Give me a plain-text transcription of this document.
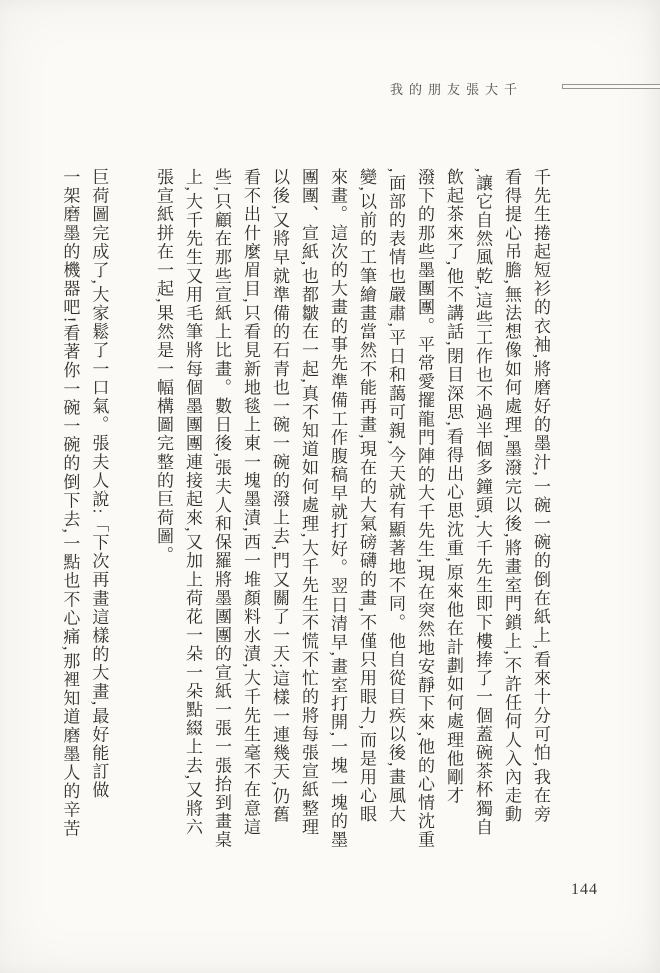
我的朋友張大千
千先生捲起短衫的衣袖,將磨好的墨汁,一碗一碗的倒在紙上,看來十分可怕,我在旁
看得提心吊膽,無法想像如何處理,墨潑完以後,將畫室門鎖上,不許任何人入內走動
,讓它自然風乾,這些工作也不過半個多鐘頭,大千先生即下樓捧了一個蓋碗茶杯獨自
飲起茶來了,他不講話,閉目深思,看得出心思沈重,原來他在計劃如何處理他剛才
潑下的那些墨團團。平常愛擺龍門陣的大千先生,現在突然地安靜下來,他的心情沈重
,面部的表情也嚴肅,平日和藹可親,今天就有顯著地不同。他自從目疾以後,畫風大
變,以前的工筆繪畫當然不能再畫,現在的大氣磅礴的畫,不僅只用眼力,而是用心眼
來畫。這次的大畫的事先準備工作腹稿早就打好。翌日清早,畫室打開,一塊一塊的墨
團團、宣紙,也都皺在一起,真不知道如何處理,大千先生不慌不忙的將每張宣紙整理
以後,又將早就準備的石青也一碗一碗的潑上去,門又關了一天;這樣一連幾天,仍舊
看不出什麼眉目,只看見新地毯上東一塊墨漬,西一堆顏料水漬,大千先生毫不在意這
些,只顧在那些宣紙上比畫。數日後,張夫人和保羅將墨團團的宣紙一張一張抬到畫桌
上,大千先生又用毛筆將每個墨團團連接起來,又加上荷花一朵一朵點綴上去,又將六
張宣紙拼在一起,果然是一幅構圖完整的巨荷圖。
巨荷圖完成了,大家鬆了一口氣。張夫人說:「下次再畫這樣的大畫,最好能訂做
一架磨墨的機器吧!看著你一碗一碗的倒下去,一點也不心痛,那裡知道磨墨人的辛苦
144
